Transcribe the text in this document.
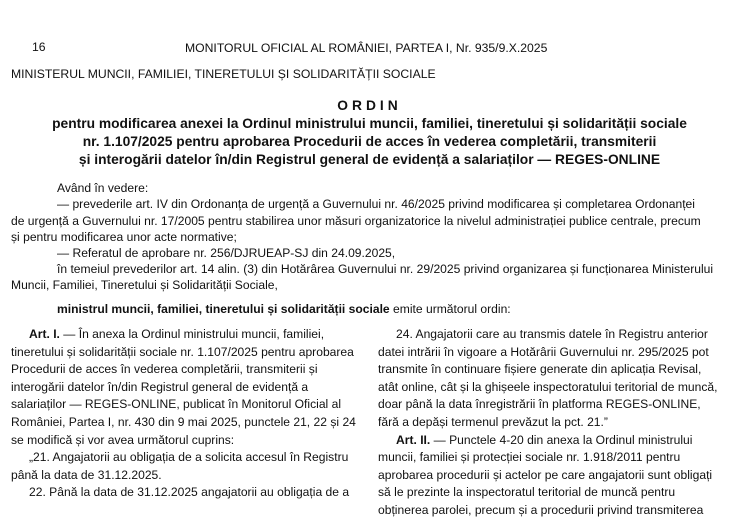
16	MONITORUL OFICIAL AL ROMÂNIEI, PARTEA I, Nr. 935/9.X.2025
MINISTERUL MUNCII, FAMILIEI, TINERETULUI ȘI SOLIDARITĂȚII SOCIALE
ORDIN
pentru modificarea anexei la Ordinul ministrului muncii, familiei, tineretului și solidarității sociale
nr. 1.107/2025 pentru aprobarea Procedurii de acces în vederea completării, transmiterii
și interogării datelor în/din Registrul general de evidență a salariaților — REGES-ONLINE
Având în vedere:
— prevederile art. IV din Ordonanța de urgență a Guvernului nr. 46/2025 privind modificarea și completarea Ordonanței
de urgență a Guvernului nr. 17/2005 pentru stabilirea unor măsuri organizatorice la nivelul administrației publice centrale, precum
și pentru modificarea unor acte normative;
— Referatul de aprobare nr. 256/DJRUEAP-SJ din 24.09.2025,
în temeiul prevederilor art. 14 alin. (3) din Hotărârea Guvernului nr. 29/2025 privind organizarea și funcționarea Ministerului
Muncii, Familiei, Tineretului și Solidarității Sociale,
ministrul muncii, familiei, tineretului și solidarității sociale emite următorul ordin:
Art. I. — În anexa la Ordinul ministrului muncii, familiei,
tineretului și solidarității sociale nr. 1.107/2025 pentru aprobarea
Procedurii de acces în vederea completării, transmiterii și
interogării datelor în/din Registrul general de evidență a
salariaților — REGES-ONLINE, publicat în Monitorul Oficial al
României, Partea I, nr. 430 din 9 mai 2025, punctele 21, 22 și 24
se modifică și vor avea următorul cuprins:
„21. Angajatorii au obligația de a solicita accesul în Registru
până la data de 31.12.2025.
22. Până la data de 31.12.2025 angajatorii au obligația de a
24. Angajatorii care au transmis datele în Registru anterior
datei intrării în vigoare a Hotărârii Guvernului nr. 295/2025 pot
transmite în continuare fișiere generate din aplicația Revisal,
atât online, cât și la ghișeele inspectoratului teritorial de muncă,
doar până la data înregistrării în platforma REGES-ONLINE,
fără a depăși termenul prevăzut la pct. 21.”
Art. II. — Punctele 4-20 din anexa la Ordinul ministrului
muncii, familiei și protecției sociale nr. 1.918/2011 pentru
aprobarea procedurii și actelor pe care angajatorii sunt obligați
să le prezinte la inspectoratul teritorial de muncă pentru
obținerea parolei, precum și a procedurii privind transmiterea
